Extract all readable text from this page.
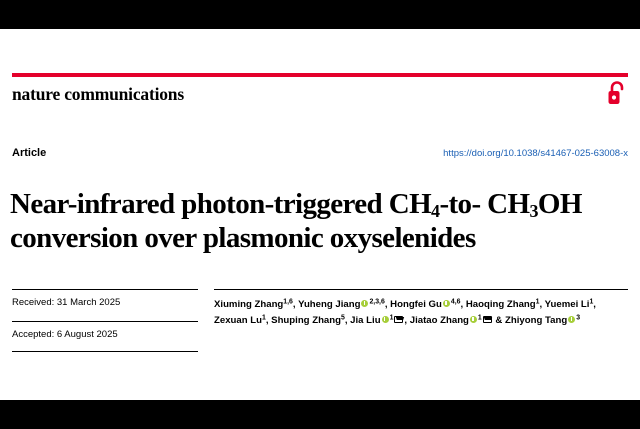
nature communications
Article	https://doi.org/10.1038/s41467-025-63008-x
Near-infrared photon-triggered $CH_4-to-$ $CH_3OH$ conversion over plasmonic oxyselenides
Received: 31 March 2025
Accepted: 6 August 2025
Xiuming Zhang$^{1,6}$, Yuheng Jiang $^{2,3,6}$, Hongfei Gu $^{4,6}$, Haoqing Zhang$^1$, Yuemei Li$^1$,
Zexuan Lu$^1$, Shuping Zhang$^5$, Jia Liu $^1$ , Jiatao Zhang $^1$ & Zhiyong Tang $^3$
